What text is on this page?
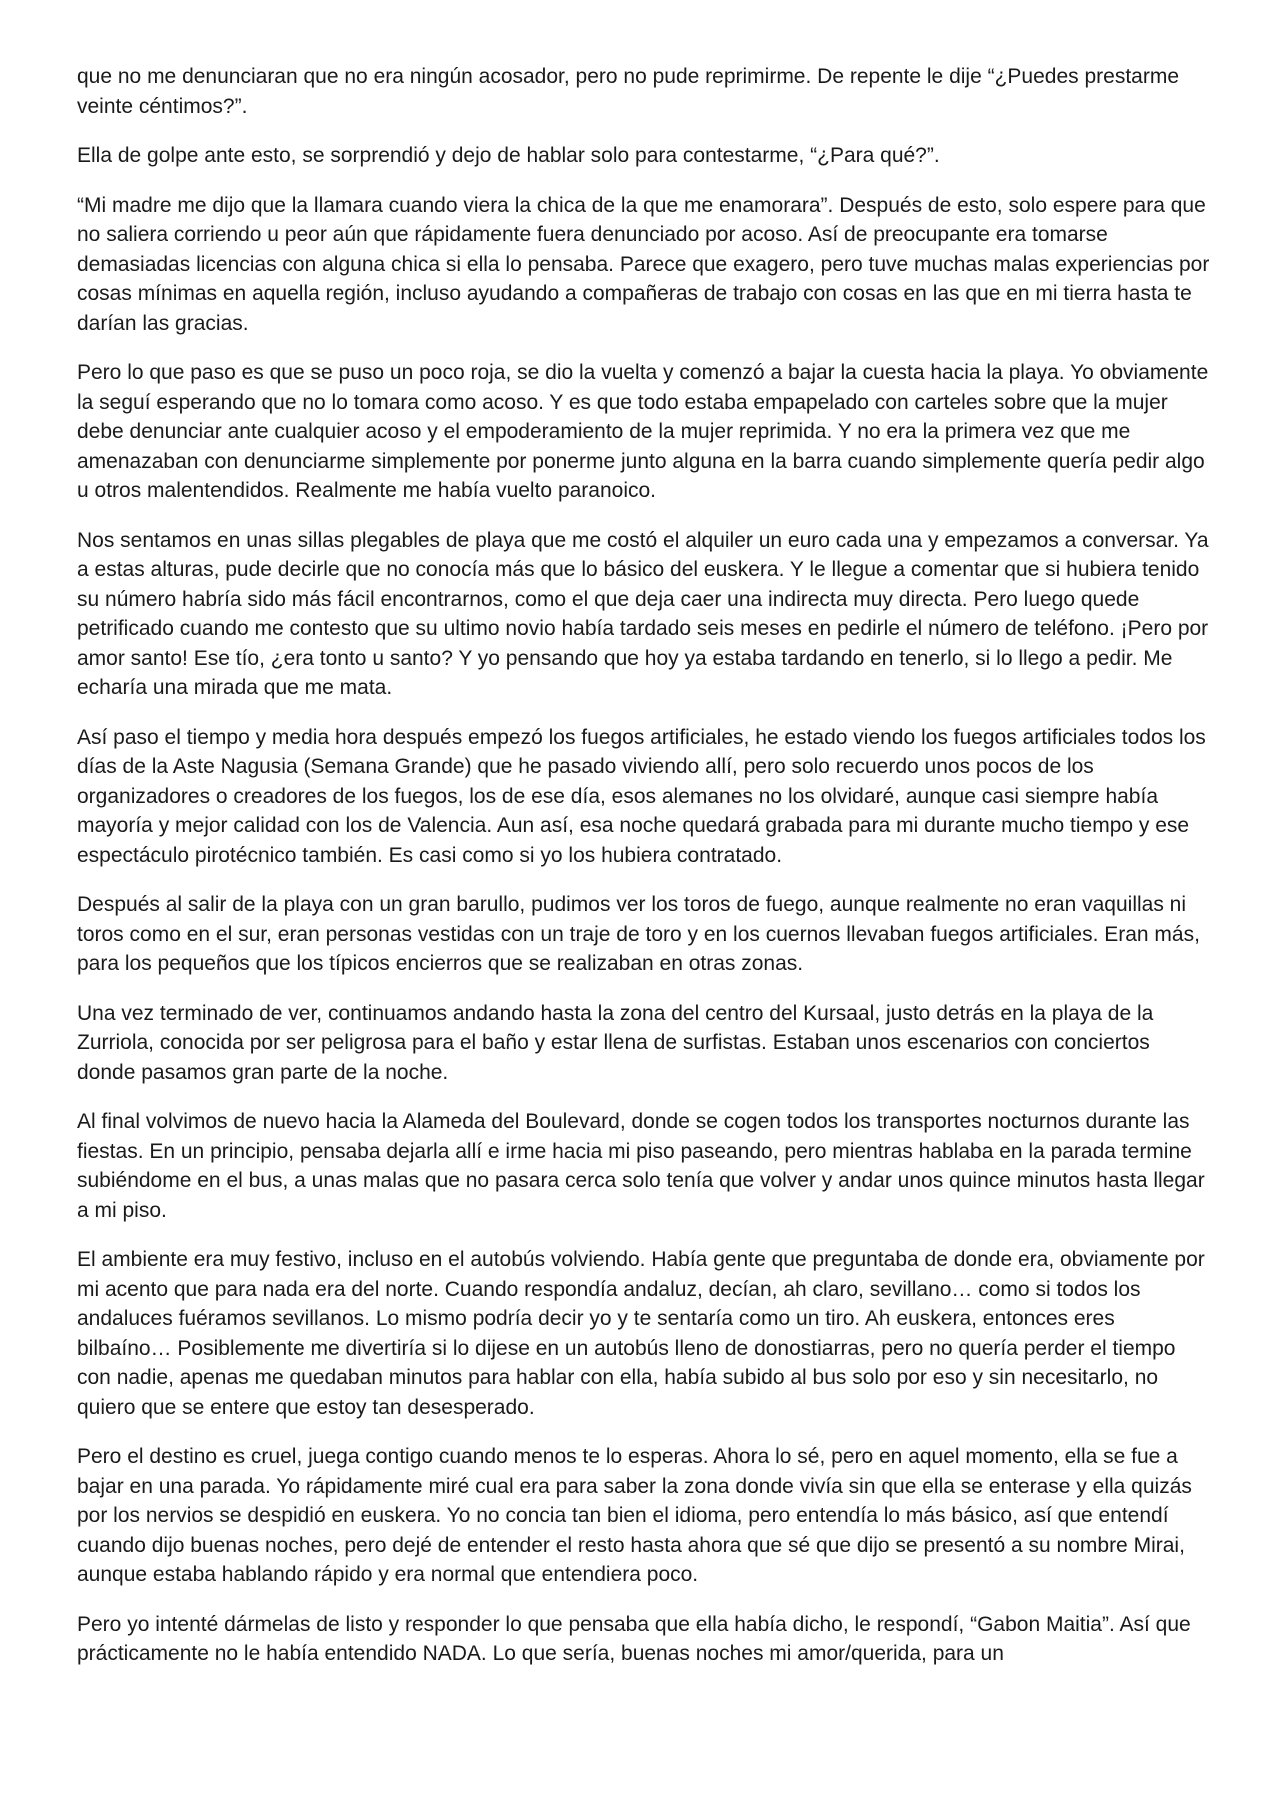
que no me denunciaran que no era ningún acosador, pero no pude reprimirme. De repente le dije “¿Puedes prestarme veinte céntimos?”.

Ella de golpe ante esto, se sorprendió y dejo de hablar solo para contestarme, “¿Para qué?”.

“Mi madre me dijo que la llamara cuando viera la chica de la que me enamorara”. Después de esto, solo espere para que no saliera corriendo u peor aún que rápidamente fuera denunciado por acoso. Así de preocupante era tomarse demasiadas licencias con alguna chica si ella lo pensaba. Parece que exagero, pero tuve muchas malas experiencias por cosas mínimas en aquella región, incluso ayudando a compañeras de trabajo con cosas en las que en mi tierra hasta te darían las gracias.

Pero lo que paso es que se puso un poco roja, se dio la vuelta y comenzó a bajar la cuesta hacia la playa. Yo obviamente la seguí esperando que no lo tomara como acoso. Y es que todo estaba empapelado con carteles sobre que la mujer debe denunciar ante cualquier acoso y el empoderamiento de la mujer reprimida. Y no era la primera vez que me amenazaban con denunciarme simplemente por ponerme junto alguna en la barra cuando simplemente quería pedir algo u otros malentendidos. Realmente me había vuelto paranoico.

Nos sentamos en unas sillas plegables de playa que me costó el alquiler un euro cada una y empezamos a conversar. Ya a estas alturas, pude decirle que no conocía más que lo básico del euskera. Y le llegue a comentar que si hubiera tenido su número habría sido más fácil encontrarnos, como el que deja caer una indirecta muy directa. Pero luego quede petrificado cuando me contesto que su ultimo novio había tardado seis meses en pedirle el número de teléfono. ¡Pero por amor santo! Ese tío, ¿era tonto u santo? Y yo pensando que hoy ya estaba tardando en tenerlo, si lo llego a pedir. Me echaría una mirada que me mata.

Así paso el tiempo y media hora después empezó los fuegos artificiales, he estado viendo los fuegos artificiales todos los días de la Aste Nagusia (Semana Grande) que he pasado viviendo allí, pero solo recuerdo unos pocos de los organizadores o creadores de los fuegos, los de ese día, esos alemanes no los olvidaré, aunque casi siempre había mayoría y mejor calidad con los de Valencia. Aun así, esa noche quedará grabada para mi durante mucho tiempo y ese espectáculo pirotécnico también. Es casi como si yo los hubiera contratado.

Después al salir de la playa con un gran barullo, pudimos ver los toros de fuego, aunque realmente no eran vaquillas ni toros como en el sur, eran personas vestidas con un traje de toro y en los cuernos llevaban fuegos artificiales. Eran más, para los pequeños que los típicos encierros que se realizaban en otras zonas.

Una vez terminado de ver, continuamos andando hasta la zona del centro del Kursaal, justo detrás en la playa de la Zurriola, conocida por ser peligrosa para el baño y estar llena de surfistas. Estaban unos escenarios con conciertos donde pasamos gran parte de la noche.

Al final volvimos de nuevo hacia la Alameda del Boulevard, donde se cogen todos los transportes nocturnos durante las fiestas. En un principio, pensaba dejarla allí e irme hacia mi piso paseando, pero mientras hablaba en la parada termine subiéndome en el bus, a unas malas que no pasara cerca solo tenía que volver y andar unos quince minutos hasta llegar a mi piso.

El ambiente era muy festivo, incluso en el autobús volviendo. Había gente que preguntaba de donde era, obviamente por mi acento que para nada era del norte. Cuando respondía andaluz, decían, ah claro, sevillano… como si todos los andaluces fuéramos sevillanos. Lo mismo podría decir yo y te sentaría como un tiro. Ah euskera, entonces eres bilbaíno… Posiblemente me divertiría si lo dijese en un autobús lleno de donostiarras, pero no quería perder el tiempo con nadie, apenas me quedaban minutos para hablar con ella, había subido al bus solo por eso y sin necesitarlo, no quiero que se entere que estoy tan desesperado.

Pero el destino es cruel, juega contigo cuando menos te lo esperas. Ahora lo sé, pero en aquel momento, ella se fue a bajar en una parada. Yo rápidamente miré cual era para saber la zona donde vivía sin que ella se enterase y ella quizás por los nervios se despidió en euskera. Yo no concia tan bien el idioma, pero entendía lo más básico, así que entendí cuando dijo buenas noches, pero dejé de entender el resto hasta ahora que sé que dijo se presentó a su nombre Mirai, aunque estaba hablando rápido y era normal que entendiera poco.

Pero yo intenté dármelas de listo y responder lo que pensaba que ella había dicho, le respondí, “Gabon Maitia”. Así que prácticamente no le había entendido NADA. Lo que sería, buenas noches mi amor/querida, para un
